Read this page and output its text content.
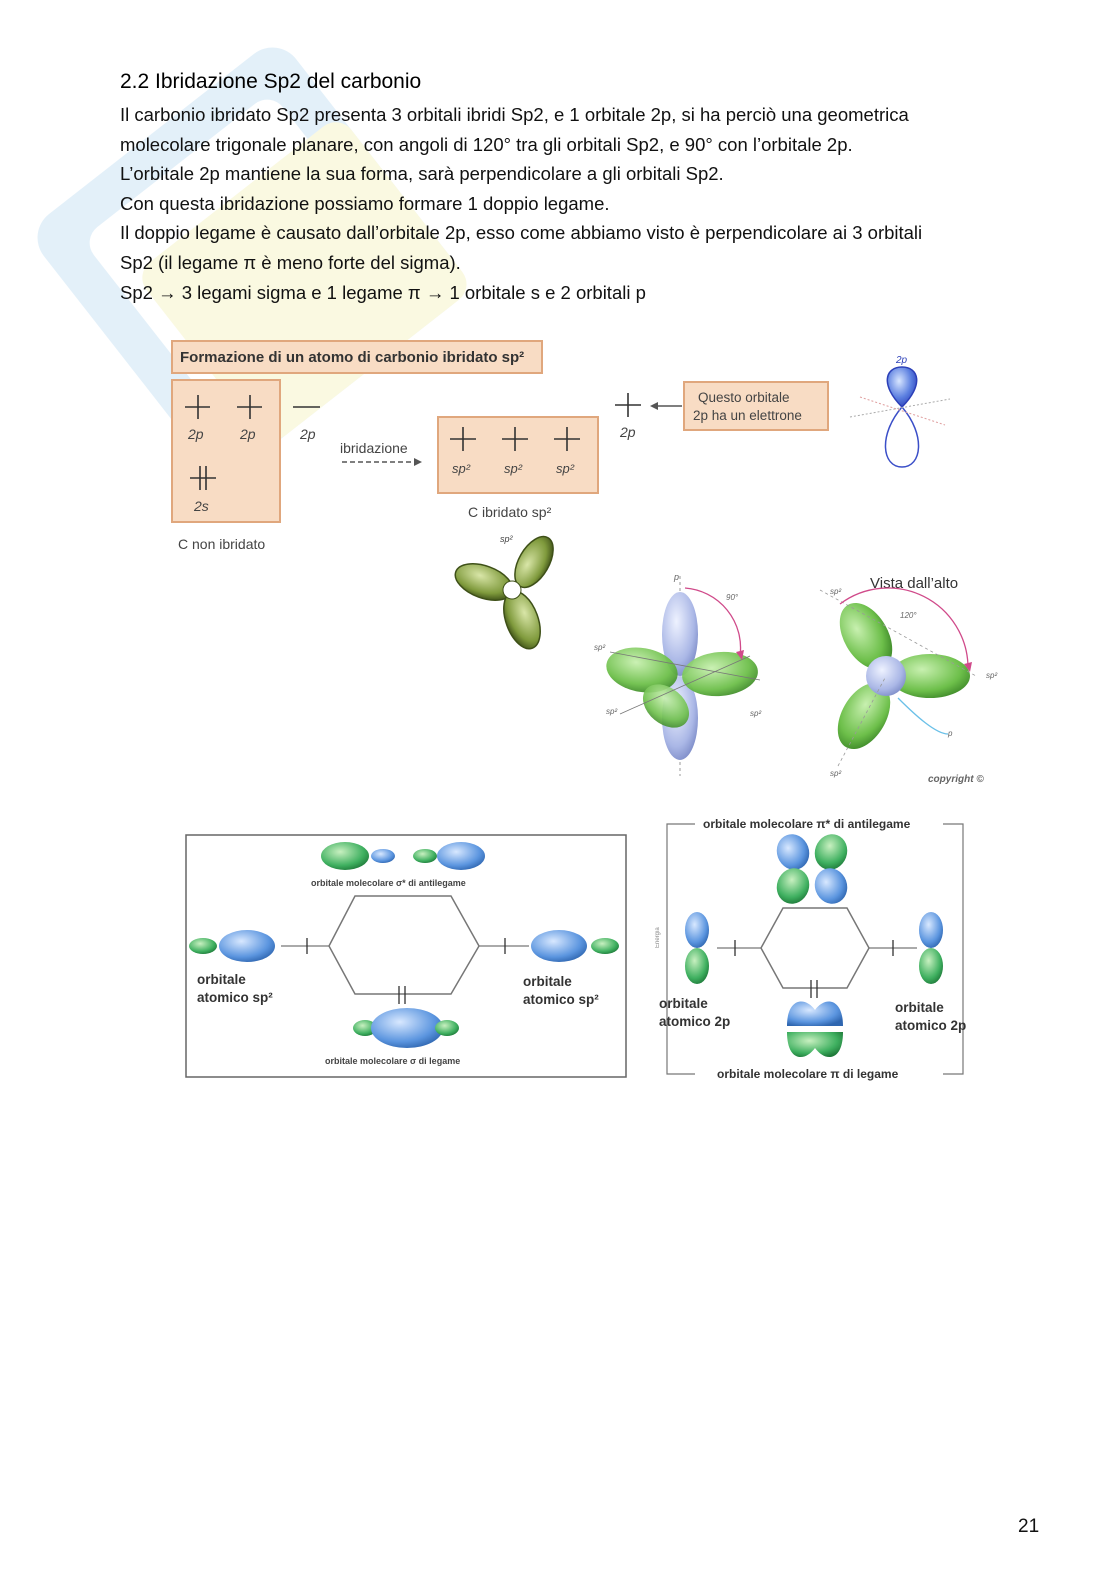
2.2 Ibridazione Sp2 del carbonio

Il carbonio ibridato Sp2 presenta 3 orbitali ibridi Sp2, e 1 orbitale 2p, si ha perciò una geometrica

molecolare trigonale planare, con angoli di 120° tra gli orbitali Sp2, e 90° con l’orbitale 2p.

L’orbitale 2p mantiene la sua forma, sarà perpendicolare a gli orbitali Sp2.

Con questa ibridazione possiamo formare 1 doppio legame.

Il doppio legame è causato dall’orbitale 2p, esso come abbiamo visto è perpendicolare ai 3 orbitali

Sp2 (il legame π è meno forte del sigma).

Sp2 → 3 legami sigma e 1 legame π → 1 orbitale s e 2 orbitali p

Formazione di un atomo di carbonio ibridato sp²
2p	2p	2p
2s
C non ibridato
ibridazione
sp²	sp²	sp²
2p
C ibridato sp²
Questo orbitale
2p ha un elettrone
2p
sp²
p
sp²
sp²	sp²
90°
Vista dall’alto
p
120°
sp²
sp²
sp²
copyright ©
orbitale molecolare σ* di antilegame
orbitale
atomico sp²
orbitale
atomico sp²
orbitale molecolare σ di legame
orbitale molecolare π* di antilegame
Energia
orbitale
atomico 2p
orbitale
atomico 2p
orbitale molecolare π di legame
21
